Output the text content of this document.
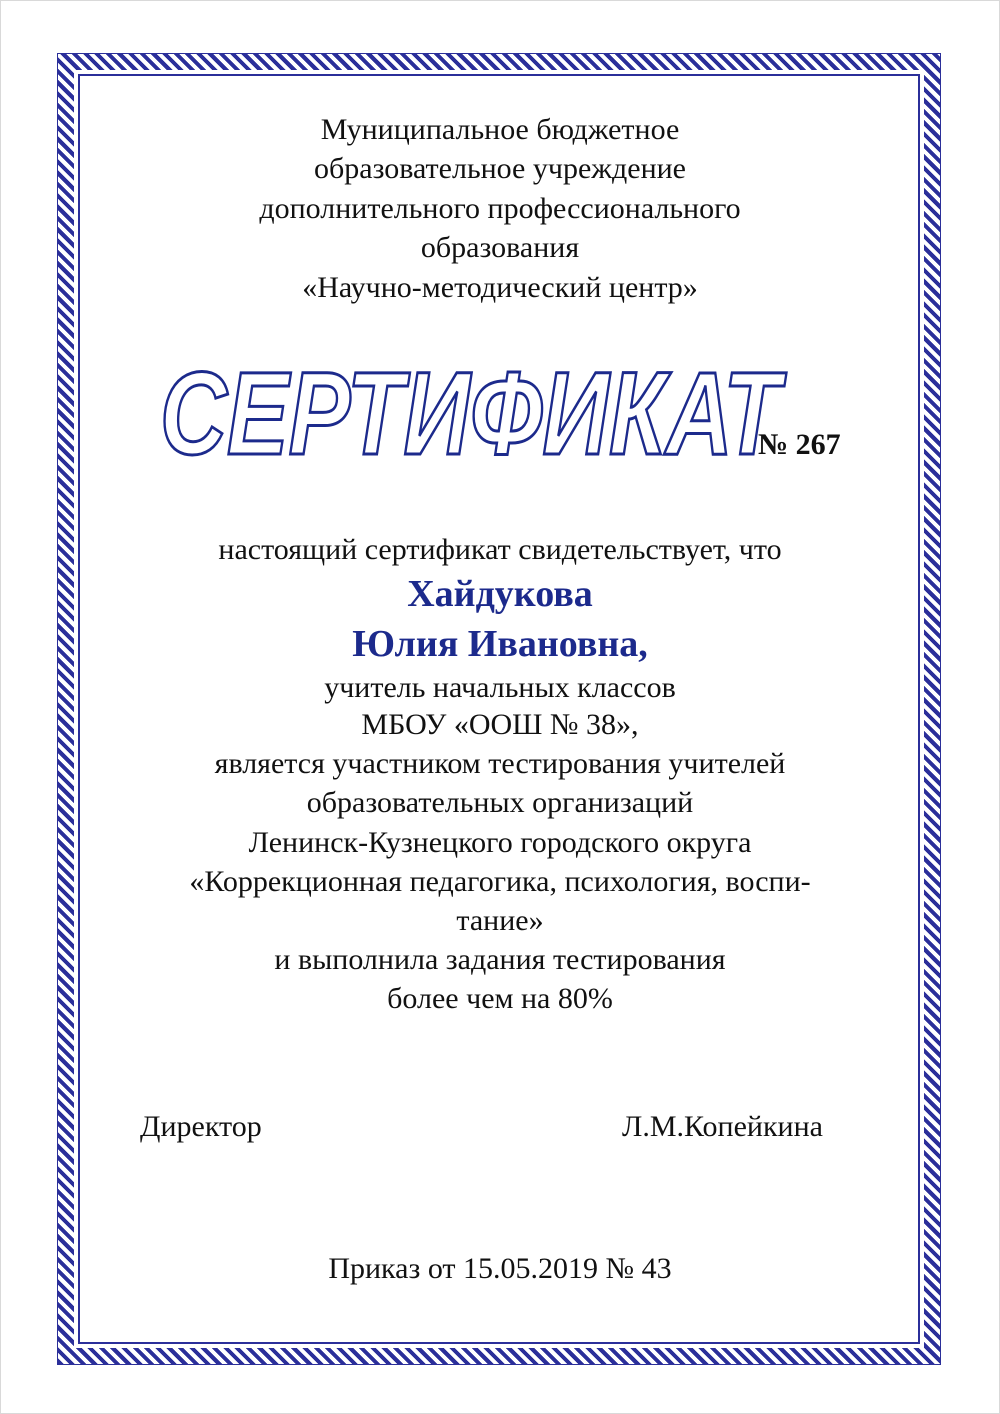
Муниципальное бюджетное
образовательное учреждение
дополнительного профессионального
образования
«Научно-методический центр»
СЕРТИФИКАТ
№ 267
настоящий сертификат свидетельствует, что
Хайдукова
Юлия Ивановна,
учитель начальных классов
МБОУ «ООШ № 38»,
является участником тестирования учителей
образовательных организаций
Ленинск-Кузнецкого городского округа
«Коррекционная педагогика, психология, воспи-
тание»
и выполнила задания тестирования
более чем на 80%
Директор	Л.М.Копейкина
Приказ от 15.05.2019 № 43
